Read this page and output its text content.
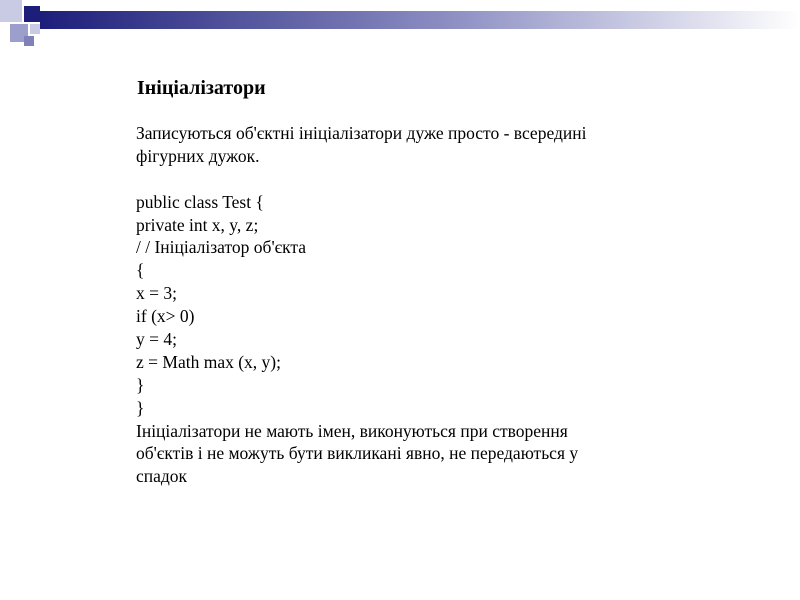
Ініціалізатори
Записуються об'єктні ініціалізатори дуже просто - всередині
фігурних дужок.
public class Test {
private int x, y, z;
/ / Ініціалізатор об'єкта
{
x = 3;
if (x> 0)
y = 4;
z = Math max (x, y);
}
}
Ініціалізатори не мають імен, виконуються при створення
об'єктів і не можуть бути викликані явно, не передаються у
спадок
